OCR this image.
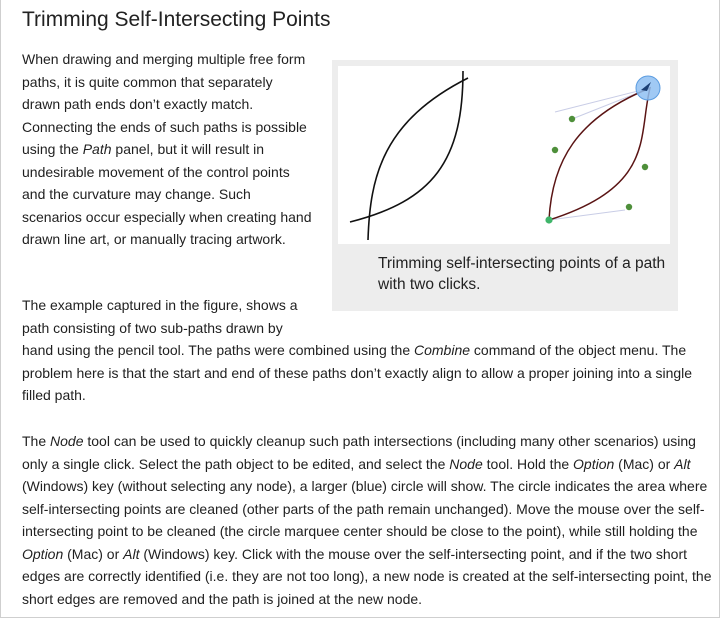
Trimming Self-Intersecting Points

When drawing and merging multiple free form paths, it is quite common that separately drawn path ends don’t exactly match. Connecting the ends of such paths is possible using the Path panel, but it will result in undesirable movement of the control points and the curvature may change. Such scenarios occur especially when creating hand drawn line art, or manually tracing artwork.

Trimming self-intersecting points of a path with two clicks.

The example captured in the figure, shows a path consisting of two sub-paths drawn by hand using the pencil tool. The paths were combined using the Combine command of the object menu. The problem here is that the start and end of these paths don’t exactly align to allow a proper joining into a single filled path.

The Node tool can be used to quickly cleanup such path intersections (including many other scenarios) using only a single click. Select the path object to be edited, and select the Node tool. Hold the Option (Mac) or Alt (Windows) key (without selecting any node), a larger (blue) circle will show. The circle indicates the area where self-intersecting points are cleaned (other parts of the path remain unchanged). Move the mouse over the self-intersecting point to be cleaned (the circle marquee center should be close to the point), while still holding the Option (Mac) or Alt (Windows) key. Click with the mouse over the self-intersecting point, and if the two short edges are correctly identified (i.e. they are not too long), a new node is created at the self-intersecting point, the short edges are removed and the path is joined at the new node.
